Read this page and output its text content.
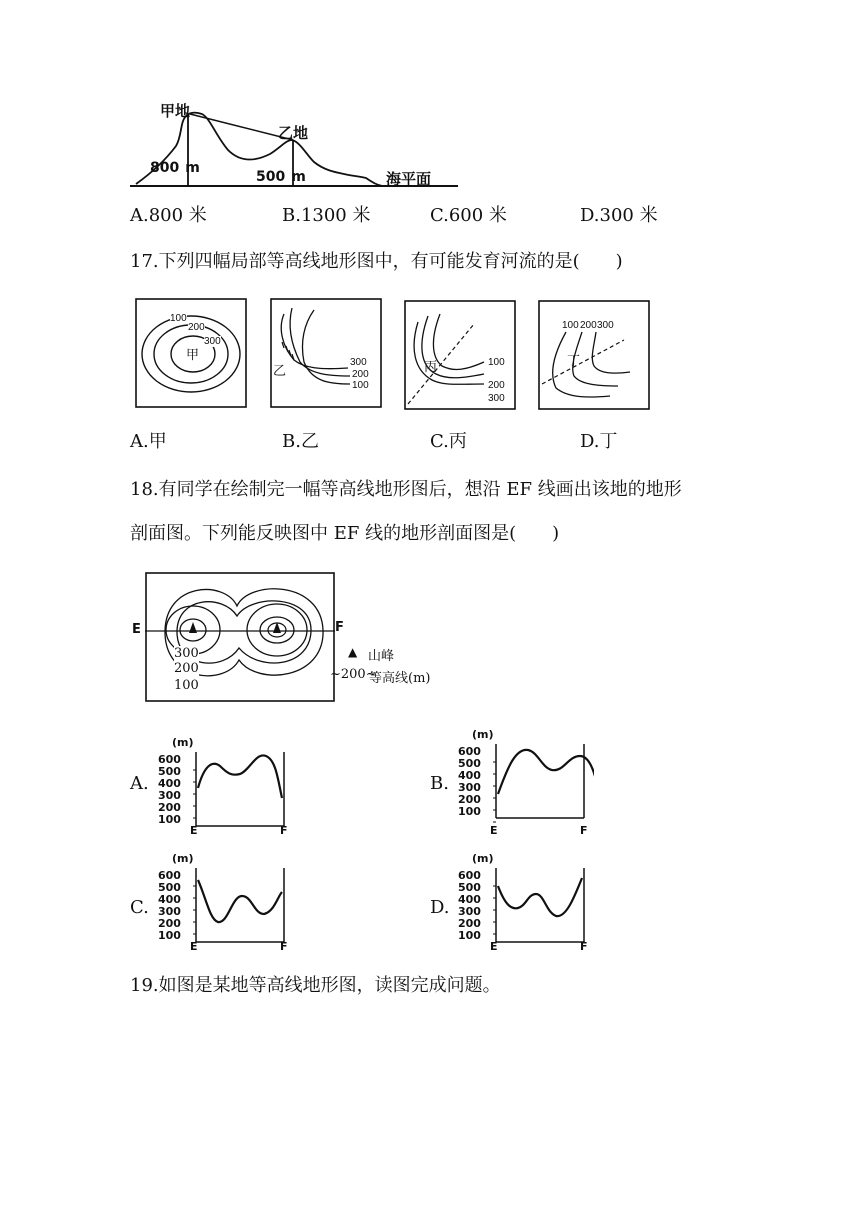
甲地
乙地
800 m
500 m	海平面
A.800 米	B.1300 米	C.600 米	D.300 米
17.下列四幅局部等高线地形图中，有可能发育河流的是(　　)
100
200
300
甲	300
200
100
乙
100
200
300
丙
100 200 300
丁
A.甲	B.乙	C.丙	D.丁
18.有同学在绘制完一幅等高线地形图后，想沿 EF 线画出该地的地形
剖面图。下列能反映图中 EF 线的地形剖面图是(　　)
E	F
300
200
100
▲ 山峰
~200~
等高线(m)
(m)
600
500
400
300
200
100
E	F
(m)
600
500
400
300
200
100
E	F
(m)
600
500
400
300
200
100
E	F
(m)
600
500
400
300
200
100
E	F
A.	B.
C.	D.
19.如图是某地等高线地形图，读图完成问题。
